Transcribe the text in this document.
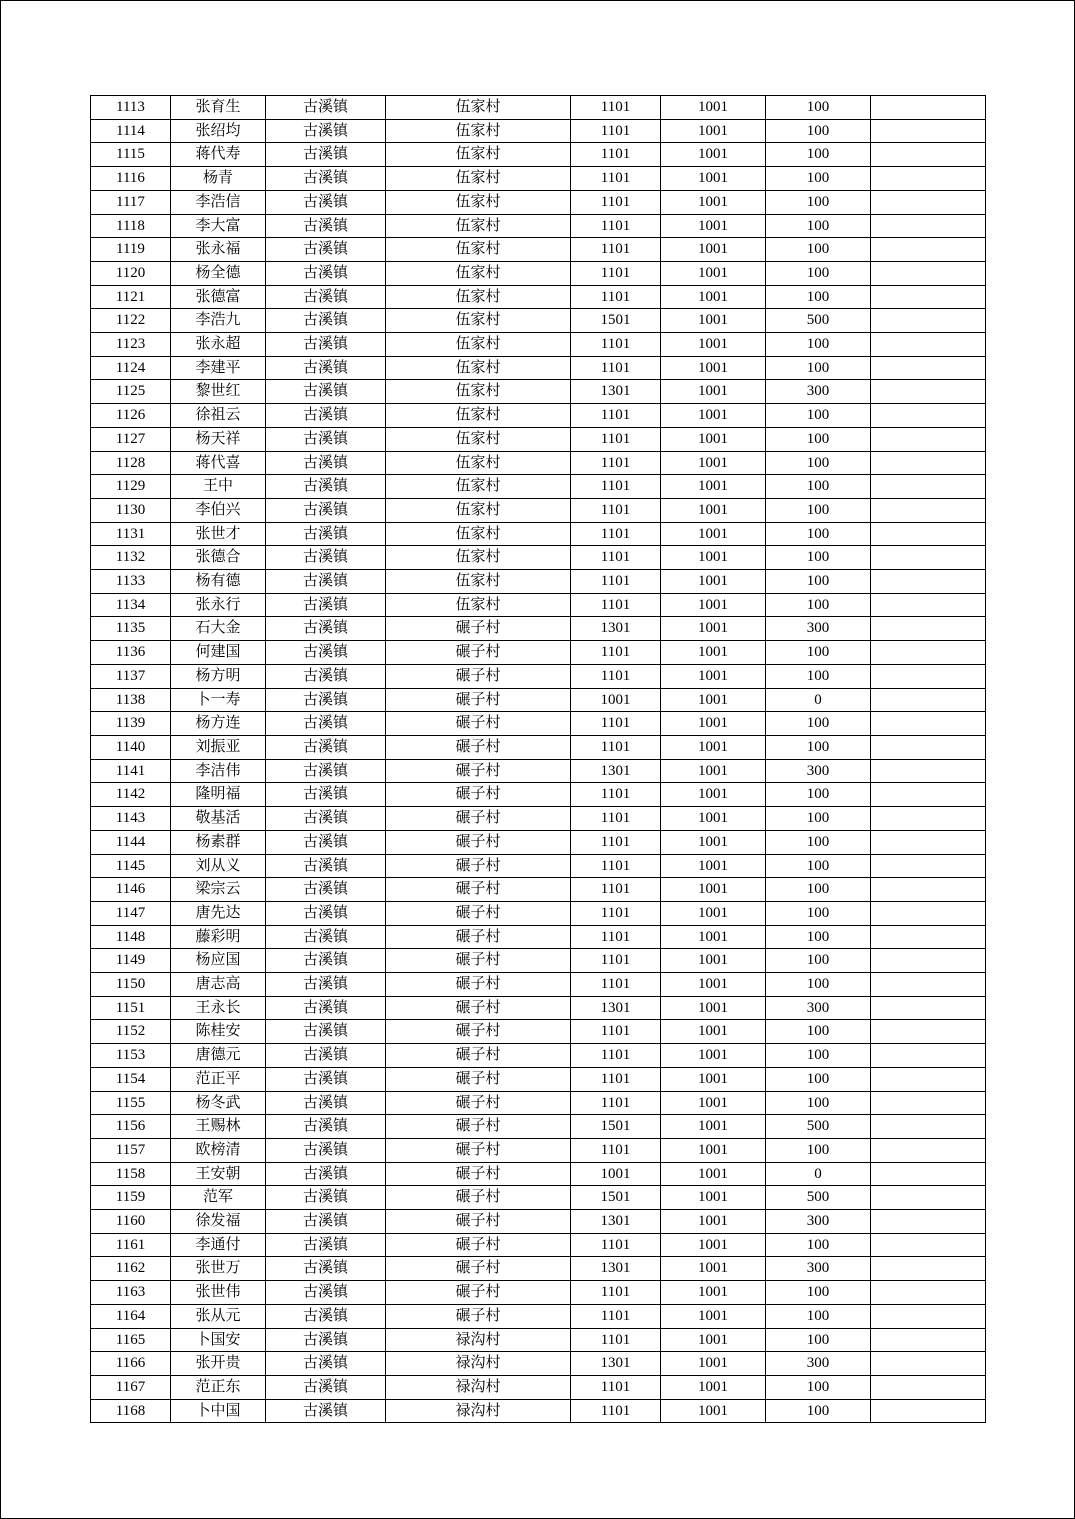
1113	张育生	古溪镇	伍家村	1101	1001	100	
1114	张绍均	古溪镇	伍家村	1101	1001	100	
1115	蒋代寿	古溪镇	伍家村	1101	1001	100	
1116	杨青	古溪镇	伍家村	1101	1001	100	
1117	李浩信	古溪镇	伍家村	1101	1001	100	
1118	李大富	古溪镇	伍家村	1101	1001	100	
1119	张永福	古溪镇	伍家村	1101	1001	100	
1120	杨全德	古溪镇	伍家村	1101	1001	100	
1121	张德富	古溪镇	伍家村	1101	1001	100	
1122	李浩九	古溪镇	伍家村	1501	1001	500	
1123	张永超	古溪镇	伍家村	1101	1001	100	
1124	李建平	古溪镇	伍家村	1101	1001	100	
1125	黎世红	古溪镇	伍家村	1301	1001	300	
1126	徐祖云	古溪镇	伍家村	1101	1001	100	
1127	杨天祥	古溪镇	伍家村	1101	1001	100	
1128	蒋代喜	古溪镇	伍家村	1101	1001	100	
1129	王中	古溪镇	伍家村	1101	1001	100	
1130	李伯兴	古溪镇	伍家村	1101	1001	100	
1131	张世才	古溪镇	伍家村	1101	1001	100	
1132	张德合	古溪镇	伍家村	1101	1001	100	
1133	杨有德	古溪镇	伍家村	1101	1001	100	
1134	张永行	古溪镇	伍家村	1101	1001	100	
1135	石大金	古溪镇	碾子村	1301	1001	300	
1136	何建国	古溪镇	碾子村	1101	1001	100	
1137	杨方明	古溪镇	碾子村	1101	1001	100	
1138	卜一寿	古溪镇	碾子村	1001	1001	0	
1139	杨方连	古溪镇	碾子村	1101	1001	100	
1140	刘振亚	古溪镇	碾子村	1101	1001	100	
1141	李洁伟	古溪镇	碾子村	1301	1001	300	
1142	隆明福	古溪镇	碾子村	1101	1001	100	
1143	敬基活	古溪镇	碾子村	1101	1001	100	
1144	杨素群	古溪镇	碾子村	1101	1001	100	
1145	刘从义	古溪镇	碾子村	1101	1001	100	
1146	梁宗云	古溪镇	碾子村	1101	1001	100	
1147	唐先达	古溪镇	碾子村	1101	1001	100	
1148	藤彩明	古溪镇	碾子村	1101	1001	100	
1149	杨应国	古溪镇	碾子村	1101	1001	100	
1150	唐志高	古溪镇	碾子村	1101	1001	100	
1151	王永长	古溪镇	碾子村	1301	1001	300	
1152	陈桂安	古溪镇	碾子村	1101	1001	100	
1153	唐德元	古溪镇	碾子村	1101	1001	100	
1154	范正平	古溪镇	碾子村	1101	1001	100	
1155	杨冬武	古溪镇	碾子村	1101	1001	100	
1156	王赐林	古溪镇	碾子村	1501	1001	500	
1157	欧榜清	古溪镇	碾子村	1101	1001	100	
1158	王安朝	古溪镇	碾子村	1001	1001	0	
1159	范军	古溪镇	碾子村	1501	1001	500	
1160	徐发福	古溪镇	碾子村	1301	1001	300	
1161	李通付	古溪镇	碾子村	1101	1001	100	
1162	张世万	古溪镇	碾子村	1301	1001	300	
1163	张世伟	古溪镇	碾子村	1101	1001	100	
1164	张从元	古溪镇	碾子村	1101	1001	100	
1165	卜国安	古溪镇	禄沟村	1101	1001	100	
1166	张开贵	古溪镇	禄沟村	1301	1001	300	
1167	范正东	古溪镇	禄沟村	1101	1001	100	
1168	卜中国	古溪镇	禄沟村	1101	1001	100	
